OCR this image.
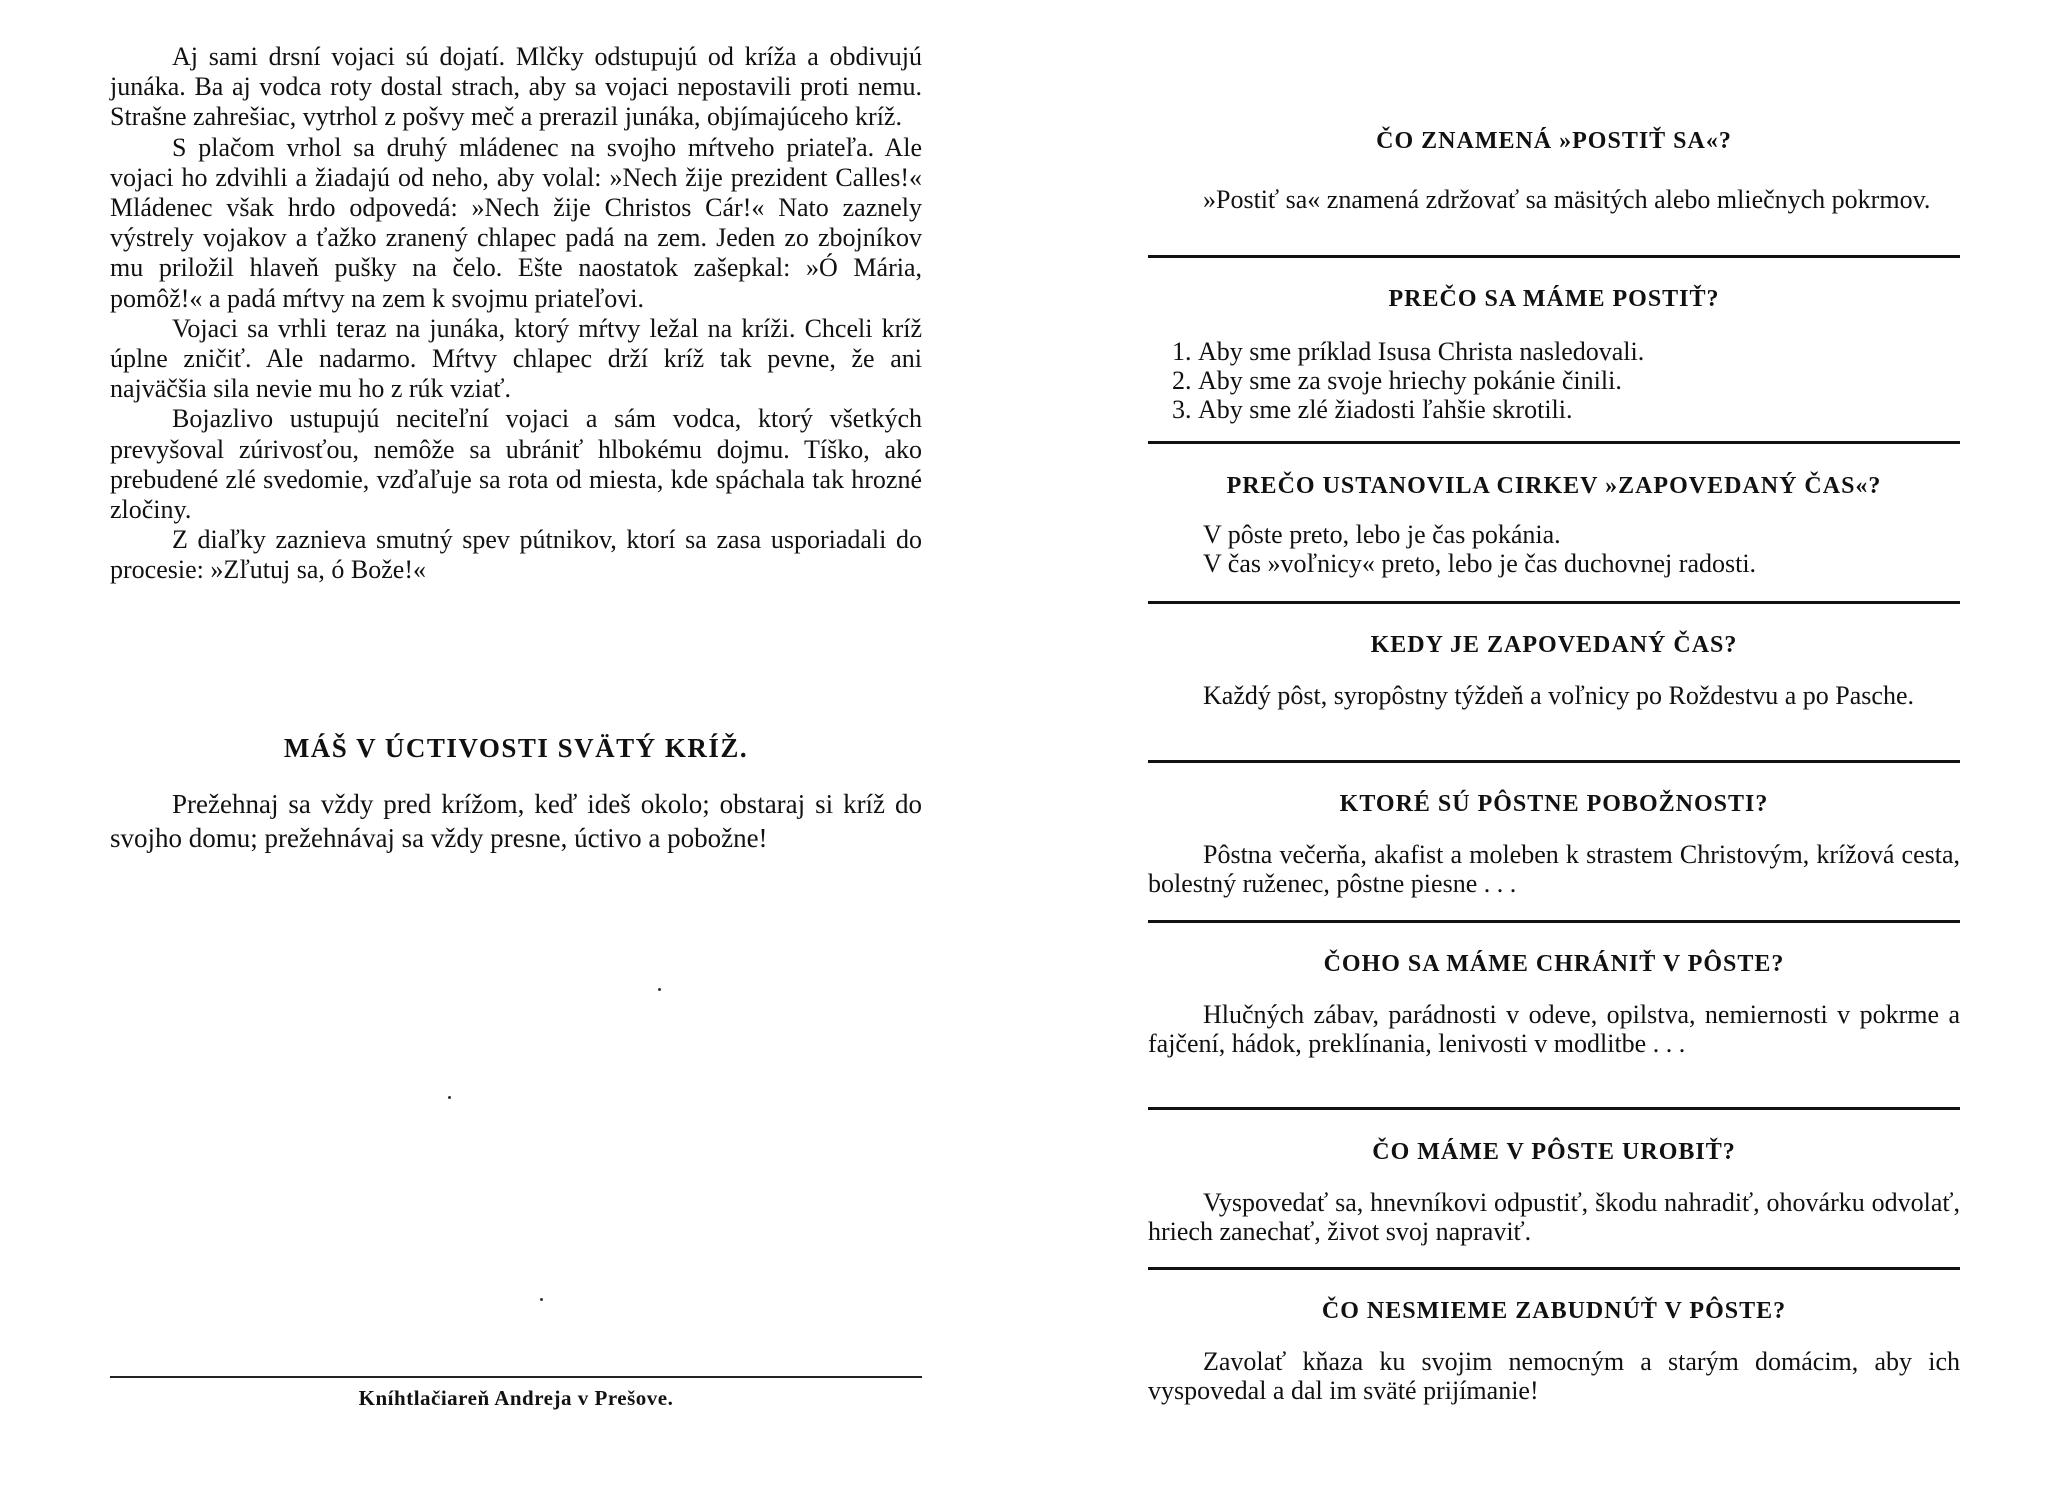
Aj sami drsní vojaci sú dojatí. Mlčky odstupujú od kríža a obdivujú junáka. Ba aj vodca roty dostal strach, aby sa vojaci nepostavili proti nemu. Strašne zahrešiac, vytrhol z pošvy meč a prerazil junáka, objímajúceho kríž.

S plačom vrhol sa druhý mládenec na svojho mŕtveho priateľa. Ale vojaci ho zdvihli a žiadajú od neho, aby volal: »Nech žije prezident Calles!« Mládenec však hrdo odpovedá: »Nech žije Christos Cár!« Nato zaznely výstrely vojakov a ťažko zranený chlapec padá na zem. Jeden zo zbojníkov mu priložil hlaveň pušky na čelo. Ešte naostatok zašepkal: »Ó Mária, pomôž!« a padá mŕtvy na zem k svojmu priateľovi.

Vojaci sa vrhli teraz na junáka, ktorý mŕtvy ležal na kríži. Chceli kríž úplne zničiť. Ale nadarmo. Mŕtvy chlapec drží kríž tak pevne, že ani najväčšia sila nevie mu ho z rúk vziať.

Bojazlivo ustupujú neciteľní vojaci a sám vodca, ktorý všetkých prevyšoval zúrivosťou, nemôže sa ubrániť hlbokému dojmu. Tíško, ako prebudené zlé svedomie, vzďaľuje sa rota od miesta, kde spáchala tak hrozné zločiny.

Z diaľky zaznieva smutný spev pútnikov, ktorí sa zasa usporiadali do procesie: »Zľutuj sa, ó Bože!«

MÁŠ V ÚCTIVOSTI SVÄTÝ KRÍŽ.

Prežehnaj sa vždy pred krížom, keď ideš okolo; obstaraj si kríž do svojho domu; prežehnávaj sa vždy presne, úctivo a pobožne!

Kníhtlačiareň Andreja v Prešove.
ČO ZNAMENÁ »POSTIŤ SA«?

»Postiť sa« znamená zdržovať sa mäsitých alebo mliečnych pokrmov.

PREČO SA MÁME POSTIŤ?
1. Aby sme príklad Isusa Christa nasledovali.
2. Aby sme za svoje hriechy pokánie činili.
3. Aby sme zlé žiadosti ľahšie skrotili.
PREČO USTANOVILA CIRKEV »ZAPOVEDANÝ ČAS«?

V pôste preto, lebo je čas pokánia.

V čas »voľnicy« preto, lebo je čas duchovnej radosti.

KEDY JE ZAPOVEDANÝ ČAS?

Každý pôst, syropôstny týždeň a voľnicy po Roždestvu a po Pasche.

KTORÉ SÚ PÔSTNE POBOŽNOSTI?

Pôstna večerňa, akafist a moleben k strastem Christovým, krížová cesta, bolestný ruženec, pôstne piesne . . .

ČOHO SA MÁME CHRÁNIŤ V PÔSTE?

Hlučných zábav, parádnosti v odeve, opilstva, nemiernosti v pokrme a fajčení, hádok, preklínania, lenivosti v modlitbe . . .

ČO MÁME V PÔSTE UROBIŤ?

Vyspovedať sa, hnevníkovi odpustiť, škodu nahradiť, ohovárku odvolať, hriech zanechať, život svoj napraviť.

ČO NESMIEME ZABUDNÚŤ V PÔSTE?

Zavolať kňaza ku svojim nemocným a starým domácim, aby ich vyspovedal a dal im sväté prijímanie!
